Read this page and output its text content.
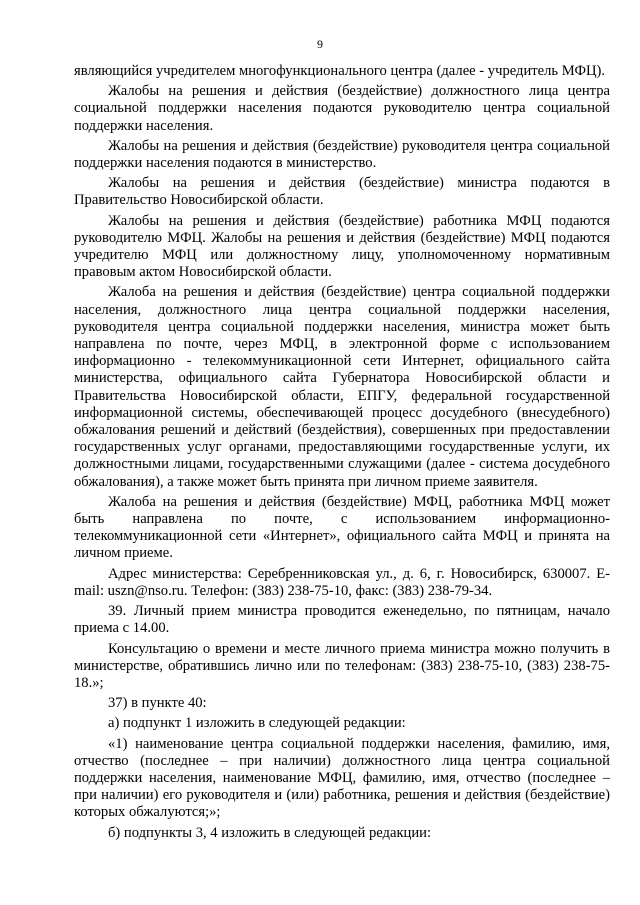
9

являющийся учредителем многофункционального центра (далее - учредитель МФЦ).

Жалобы на решения и действия (бездействие) должностного лица центра социальной поддержки населения подаются руководителю центра социальной поддержки населения.

Жалобы на решения и действия (бездействие) руководителя центра социальной поддержки населения подаются в министерство.

Жалобы на решения и действия (бездействие) министра подаются в Правительство Новосибирской области.

Жалобы на решения и действия (бездействие) работника МФЦ подаются руководителю МФЦ. Жалобы на решения и действия (бездействие) МФЦ подаются учредителю МФЦ или должностному лицу, уполномоченному нормативным правовым актом Новосибирской области.

Жалоба на решения и действия (бездействие) центра социальной поддержки населения, должностного лица центра социальной поддержки населения, руководителя центра социальной поддержки населения, министра может быть направлена по почте, через МФЦ, в электронной форме с использованием информационно - телекоммуникационной сети Интернет, официального сайта министерства, официального сайта Губернатора Новосибирской области и Правительства Новосибирской области, ЕПГУ, федеральной государственной информационной системы, обеспечивающей процесс досудебного (внесудебного) обжалования решений и действий (бездействия), совершенных при предоставлении государственных услуг органами, предоставляющими государственные услуги, их должностными лицами, государственными служащими (далее - система досудебного обжалования), а также может быть принята при личном приеме заявителя.

Жалоба на решения и действия (бездействие) МФЦ, работника МФЦ может быть направлена по почте, с использованием информационно-телекоммуникационной сети «Интернет», официального сайта МФЦ и принята на личном приеме.

Адрес министерства: Серебренниковская ул., д. 6, г. Новосибирск, 630007. E-mail: uszn@nso.ru. Телефон: (383) 238-75-10, факс: (383) 238-79-34.

39. Личный прием министра проводится еженедельно, по пятницам, начало приема с 14.00.

Консультацию о времени и месте личного приема министра можно получить в министерстве, обратившись лично или по телефонам: (383) 238-75-10, (383) 238-75-18.»;

37) в пункте 40:

а) подпункт 1 изложить в следующей редакции:

«1) наименование центра социальной поддержки населения, фамилию, имя, отчество (последнее – при наличии) должностного лица центра социальной поддержки населения, наименование МФЦ, фамилию, имя, отчество (последнее – при наличии) его руководителя и (или) работника, решения и действия (бездействие) которых обжалуются;»;

б) подпункты 3, 4 изложить в следующей редакции:
